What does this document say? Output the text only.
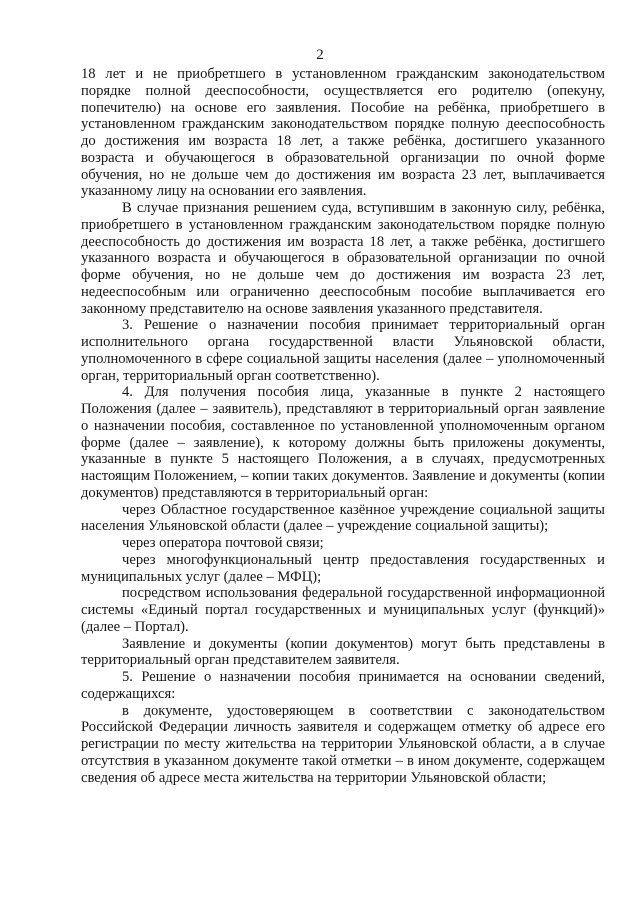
2

18 лет и не приобретшего в установленном гражданским законодательством порядке полной дееспособности, осуществляется его родителю (опекуну, попечителю) на основе его заявления. Пособие на ребёнка, приобретшего в установленном гражданским законодательством порядке полную дееспособность до достижения им возраста 18 лет, а также ребёнка, достигшего указанного возраста и обучающегося в образовательной организации по очной форме обучения, но не дольше чем до достижения им возраста 23 лет, выплачивается указанному лицу на основании его заявления.

В случае признания решением суда, вступившим в законную силу, ребёнка, приобретшего в установленном гражданским законодательством порядке полную дееспособность до достижения им возраста 18 лет, а также ребёнка, достигшего указанного возраста и обучающегося в образовательной организации по очной форме обучения, но не дольше чем до достижения им возраста 23 лет, недееспособным или ограниченно дееспособным пособие выплачивается его законному представителю на основе заявления указанного представителя.

3. Решение о назначении пособия принимает территориальный орган исполнительного органа государственной власти Ульяновской области, уполномоченного в сфере социальной защиты населения (далее – уполномоченный орган, территориальный орган соответственно).

4. Для получения пособия лица, указанные в пункте 2 настоящего Положения (далее – заявитель), представляют в территориальный орган заявление о назначении пособия, составленное по установленной уполномоченным органом форме (далее – заявление), к которому должны быть приложены документы, указанные в пункте 5 настоящего Положения, а в случаях, предусмотренных настоящим Положением, – копии таких документов. Заявление и документы (копии документов) представляются в территориальный орган:

через Областное государственное казённое учреждение социальной защиты населения Ульяновской области (далее – учреждение социальной защиты);

через оператора почтовой связи;

через многофункциональный центр предоставления государственных и муниципальных услуг (далее – МФЦ);

посредством использования федеральной государственной информационной системы «Единый портал государственных и муниципальных услуг (функций)» (далее – Портал).

Заявление и документы (копии документов) могут быть представлены в территориальный орган представителем заявителя.

5. Решение о назначении пособия принимается на основании сведений, содержащихся:

в документе, удостоверяющем в соответствии с законодательством Российской Федерации личность заявителя и содержащем отметку об адресе его регистрации по месту жительства на территории Ульяновской области, а в случае отсутствия в указанном документе такой отметки – в ином документе, содержащем сведения об адресе места жительства на территории Ульяновской области;
